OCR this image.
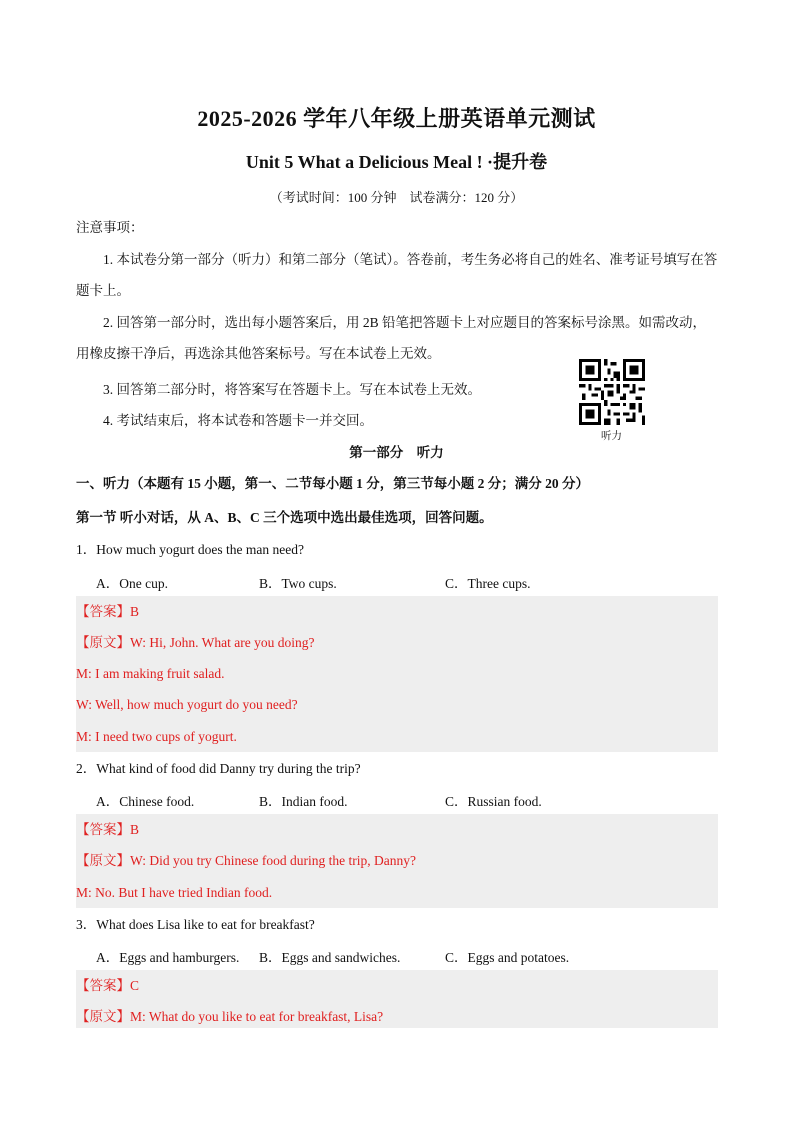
2025-2026 学年八年级上册英语单元测试
Unit 5 What a Delicious Meal ! ·提升卷
（考试时间：100 分钟　试卷满分：120 分）
注意事项：
1. 本试卷分第一部分（听力）和第二部分（笔试）。答卷前，考生务必将自己的姓名、准考证号填写在答题卡上。
2. 回答第一部分时，选出每小题答案后，用 2B 铅笔把答题卡上对应题目的答案标号涂黑。如需改动，用橡皮擦干净后，再选涂其他答案标号。写在本试卷上无效。
3. 回答第二部分时，将答案写在答题卡上。写在本试卷上无效。
4. 考试结束后，将本试卷和答题卡一并交回。
听力
第一部分　听力
一、听力（本题有 15 小题，第一、二节每小题 1 分，第三节每小题 2 分；满分 20 分）
第一节 听小对话，从 A、B、C 三个选项中选出最佳选项，回答问题。
1．How much yogurt does the man need?
A．One cup.	B．Two cups.	C．Three cups.
【答案】B
【原文】W: Hi, John. What are you doing?
M: I am making fruit salad.
W: Well, how much yogurt do you need?
M: I need two cups of yogurt.
2．What kind of food did Danny try during the trip?
A．Chinese food.	B．Indian food.	C．Russian food.
【答案】B
【原文】W: Did you try Chinese food during the trip, Danny?
M: No. But I have tried Indian food.
3．What does Lisa like to eat for breakfast?
A．Eggs and hamburgers. B．Eggs and sandwiches.	C．Eggs and potatoes.
【答案】C
【原文】M: What do you like to eat for breakfast, Lisa?
